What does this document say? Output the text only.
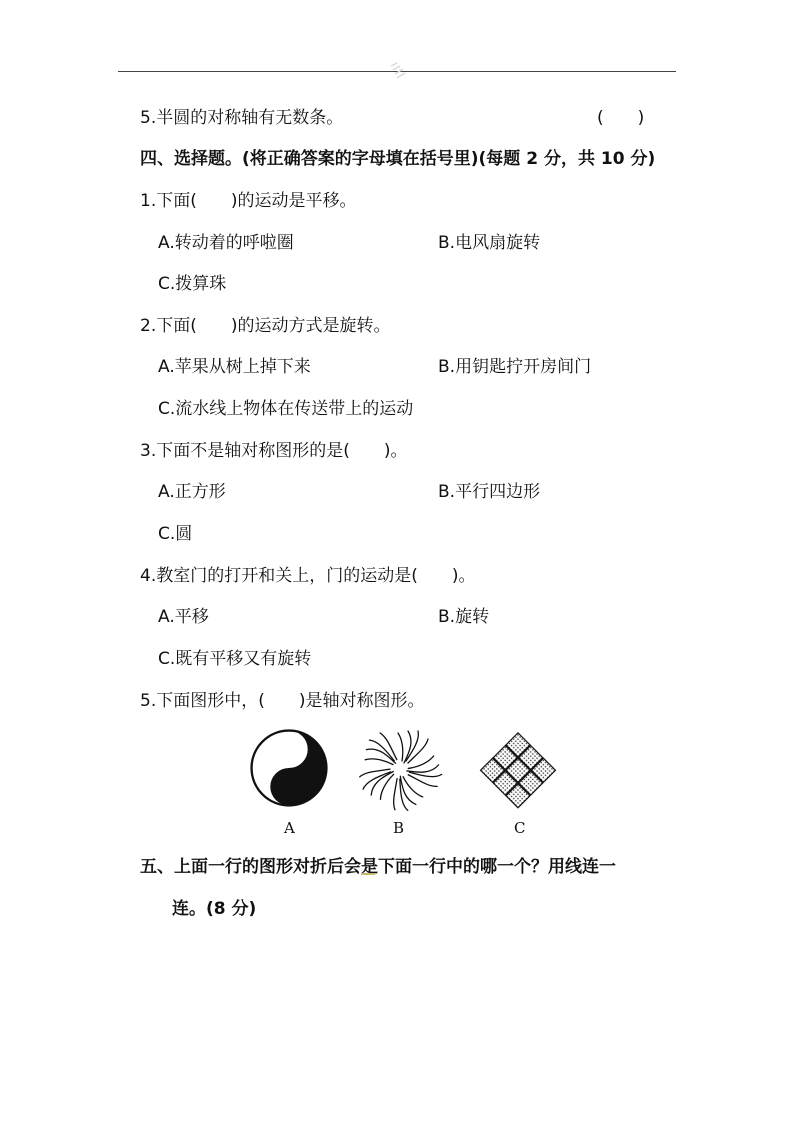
5.半圆的对称轴有无数条。	(　　)
四、选择题。(将正确答案的字母填在括号里)(每题 2 分，共 10 分)
1.下面(　　)的运动是平移。
A.转动着的呼啦圈	B.电风扇旋转
C.拨算珠
2.下面(　　)的运动方式是旋转。
A.苹果从树上掉下来	B.用钥匙拧开房间门
C.流水线上物体在传送带上的运动
3.下面不是轴对称图形的是(　　)。
A.正方形	B.平行四边形
C.圆
4.教室门的打开和关上，门的运动是(　　)。
A.平移	B.旋转
C.既有平移又有旋转
5.下面图形中，(　　)是轴对称图形。
A	B	C
五、上面一行的图形对折后会是下面一行中的哪一个？用线连一
连。(8 分)
